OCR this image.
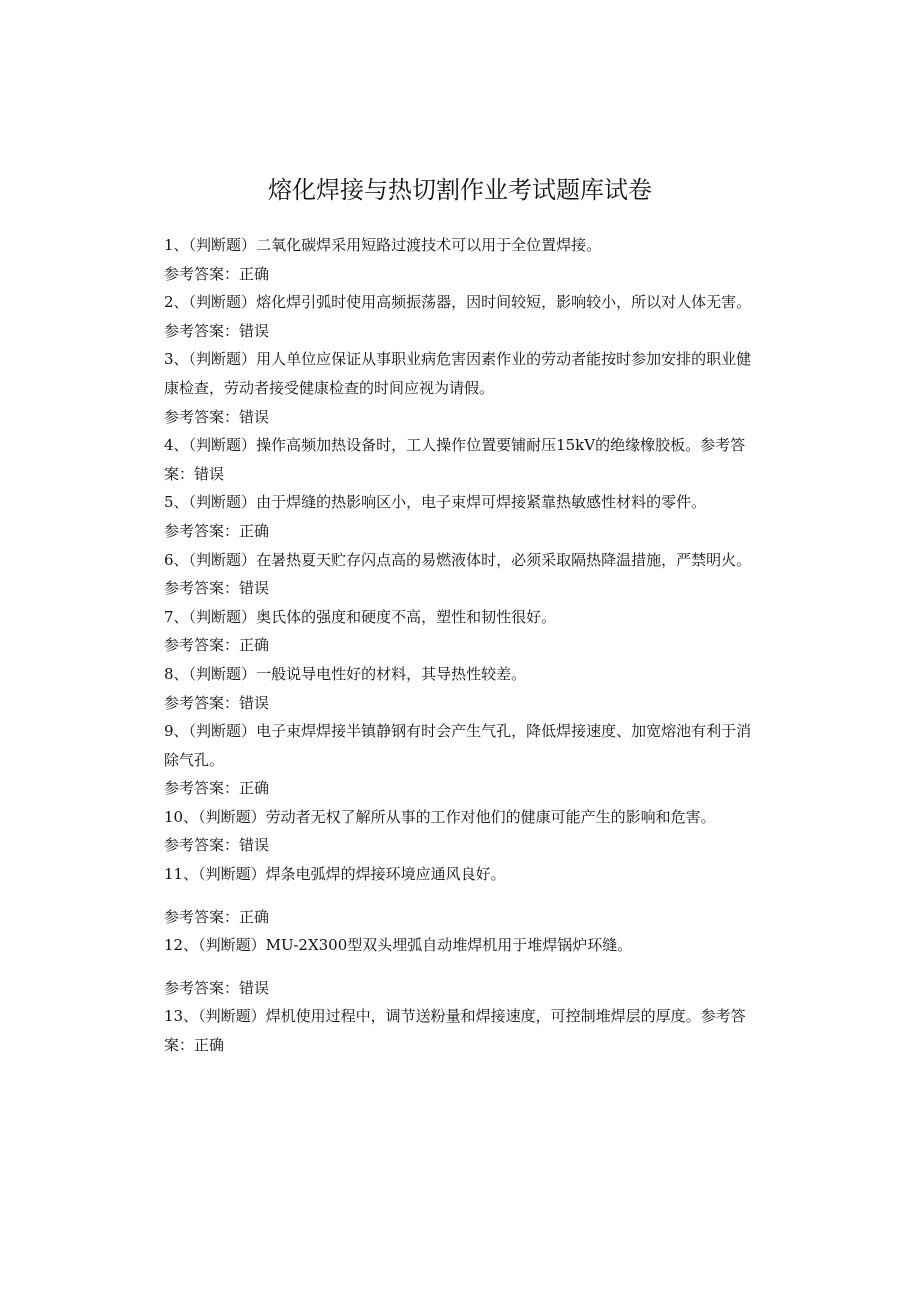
熔化焊接与热切割作业考试题库试卷
1、（判断题）二氧化碳焊采用短路过渡技术可以用于全位置焊接。
参考答案：正确
2、（判断题）熔化焊引弧时使用高频振荡器，因时间较短，影响较小，所以对人体无害。
参考答案：错误
3、（判断题）用人单位应保证从事职业病危害因素作业的劳动者能按时参加安排的职业健康检查，劳动者接受健康检查的时间应视为请假。
参考答案：错误
4、（判断题）操作高频加热设备时，工人操作位置要铺耐压15kV的绝缘橡胶板。参考答案：错误
5、（判断题）由于焊缝的热影响区小，电子束焊可焊接紧靠热敏感性材料的零件。
参考答案：正确
6、（判断题）在暑热夏天贮存闪点高的易燃液体时，必须采取隔热降温措施，严禁明火。
参考答案：错误
7、（判断题）奥氏体的强度和硬度不高，塑性和韧性很好。
参考答案：正确
8、（判断题）一般说导电性好的材料，其导热性较差。
参考答案：错误
9、（判断题）电子束焊焊接半镇静钢有时会产生气孔，降低焊接速度、加宽熔池有利于消除气孔。
参考答案：正确
10、（判断题）劳动者无权了解所从事的工作对他们的健康可能产生的影响和危害。
参考答案：错误
11、（判断题）焊条电弧焊的焊接环境应通风良好。
参考答案：正确
12、（判断题）MU-2X300型双头埋弧自动堆焊机用于堆焊锅炉环缝。
参考答案：错误
13、（判断题）焊机使用过程中，调节送粉量和焊接速度，可控制堆焊层的厚度。参考答案：正确
